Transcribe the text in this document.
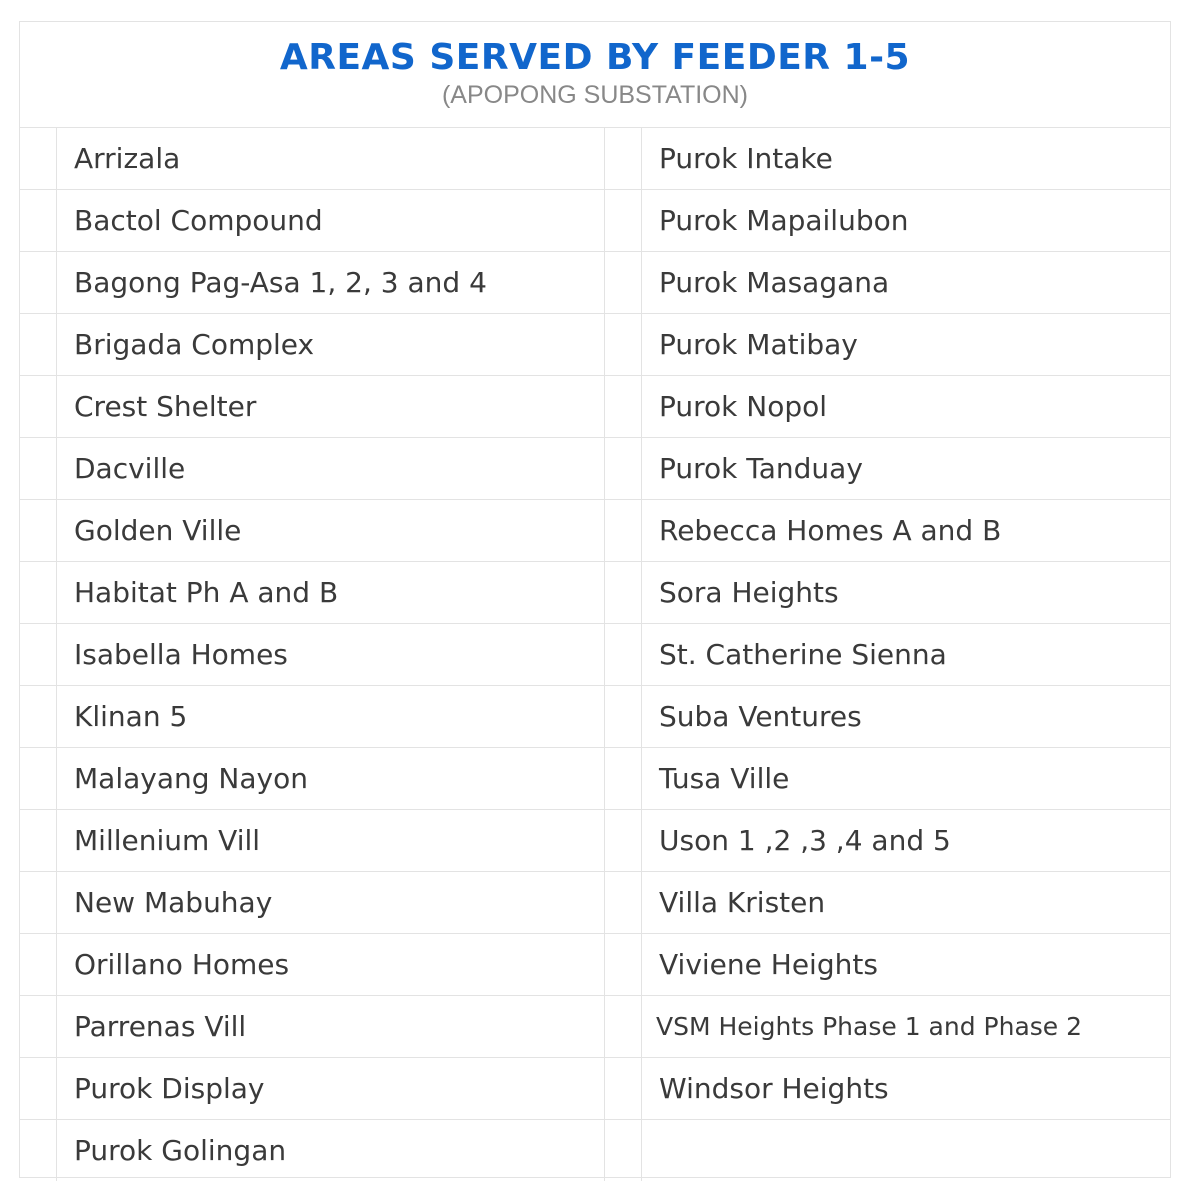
AREAS SERVED BY FEEDER 1-5
(APOPONG SUBSTATION)
	Arrizala		Purok Intake
	Bactol Compound		Purok Mapailubon
	Bagong Pag-Asa 1, 2, 3 and 4		Purok Masagana
	Brigada Complex		Purok Matibay
	Crest Shelter		Purok Nopol
	Dacville		Purok Tanduay
	Golden Ville		Rebecca Homes A and B
	Habitat Ph A and B		Sora Heights
	Isabella Homes		St. Catherine Sienna
	Klinan 5		Suba Ventures
	Malayang Nayon		Tusa Ville
	Millenium Vill		Uson 1 ,2 ,3 ,4 and 5
	New Mabuhay		Villa Kristen
	Orillano Homes		Viviene Heights
	Parrenas Vill		VSM Heights Phase 1 and Phase 2
	Purok Display		Windsor Heights
	Purok Golingan		
